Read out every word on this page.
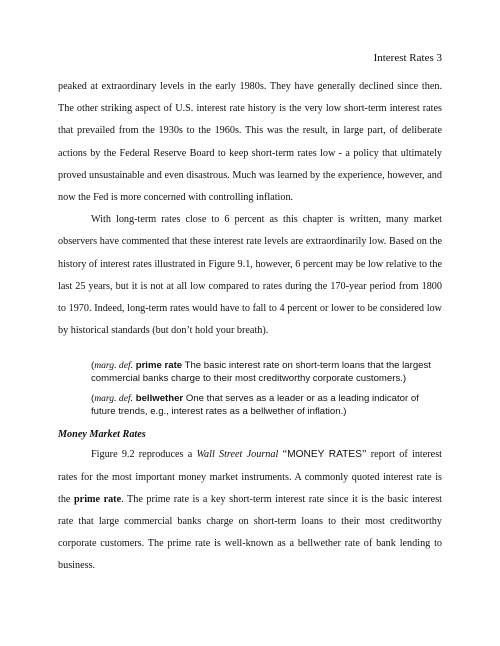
Interest Rates 3

peaked at extraordinary levels in the early 1980s. They have generally declined since then. The other striking aspect of U.S. interest rate history is the very low short-term interest rates that prevailed from the 1930s to the 1960s. This was the result, in large part, of deliberate actions by the Federal Reserve Board to keep short-term rates low - a policy that ultimately proved unsustainable and even disastrous. Much was learned by the experience, however, and now the Fed is more concerned with controlling inflation.

With long-term rates close to 6 percent as this chapter is written, many market observers have commented that these interest rate levels are extraordinarily low. Based on the history of interest rates illustrated in Figure 9.1, however, 6 percent may be low relative to the last 25 years, but it is not at all low compared to rates during the 170-year period from 1800 to 1970. Indeed, long-term rates would have to fall to 4 percent or lower to be considered low by historical standards (but don’t hold your breath).

(marg. def. prime rate The basic interest rate on short-term loans that the largest commercial banks charge to their most creditworthy corporate customers.)

(marg. def. bellwether One that serves as a leader or as a leading indicator of future trends, e.g., interest rates as a bellwether of inflation.)

Money Market Rates

Figure 9.2 reproduces a Wall Street Journal “MONEY RATES” report of interest rates for the most important money market instruments. A commonly quoted interest rate is the prime rate. The prime rate is a key short-term interest rate since it is the basic interest rate that large commercial banks charge on short-term loans to their most creditworthy corporate customers. The prime rate is well-known as a bellwether rate of bank lending to business.
